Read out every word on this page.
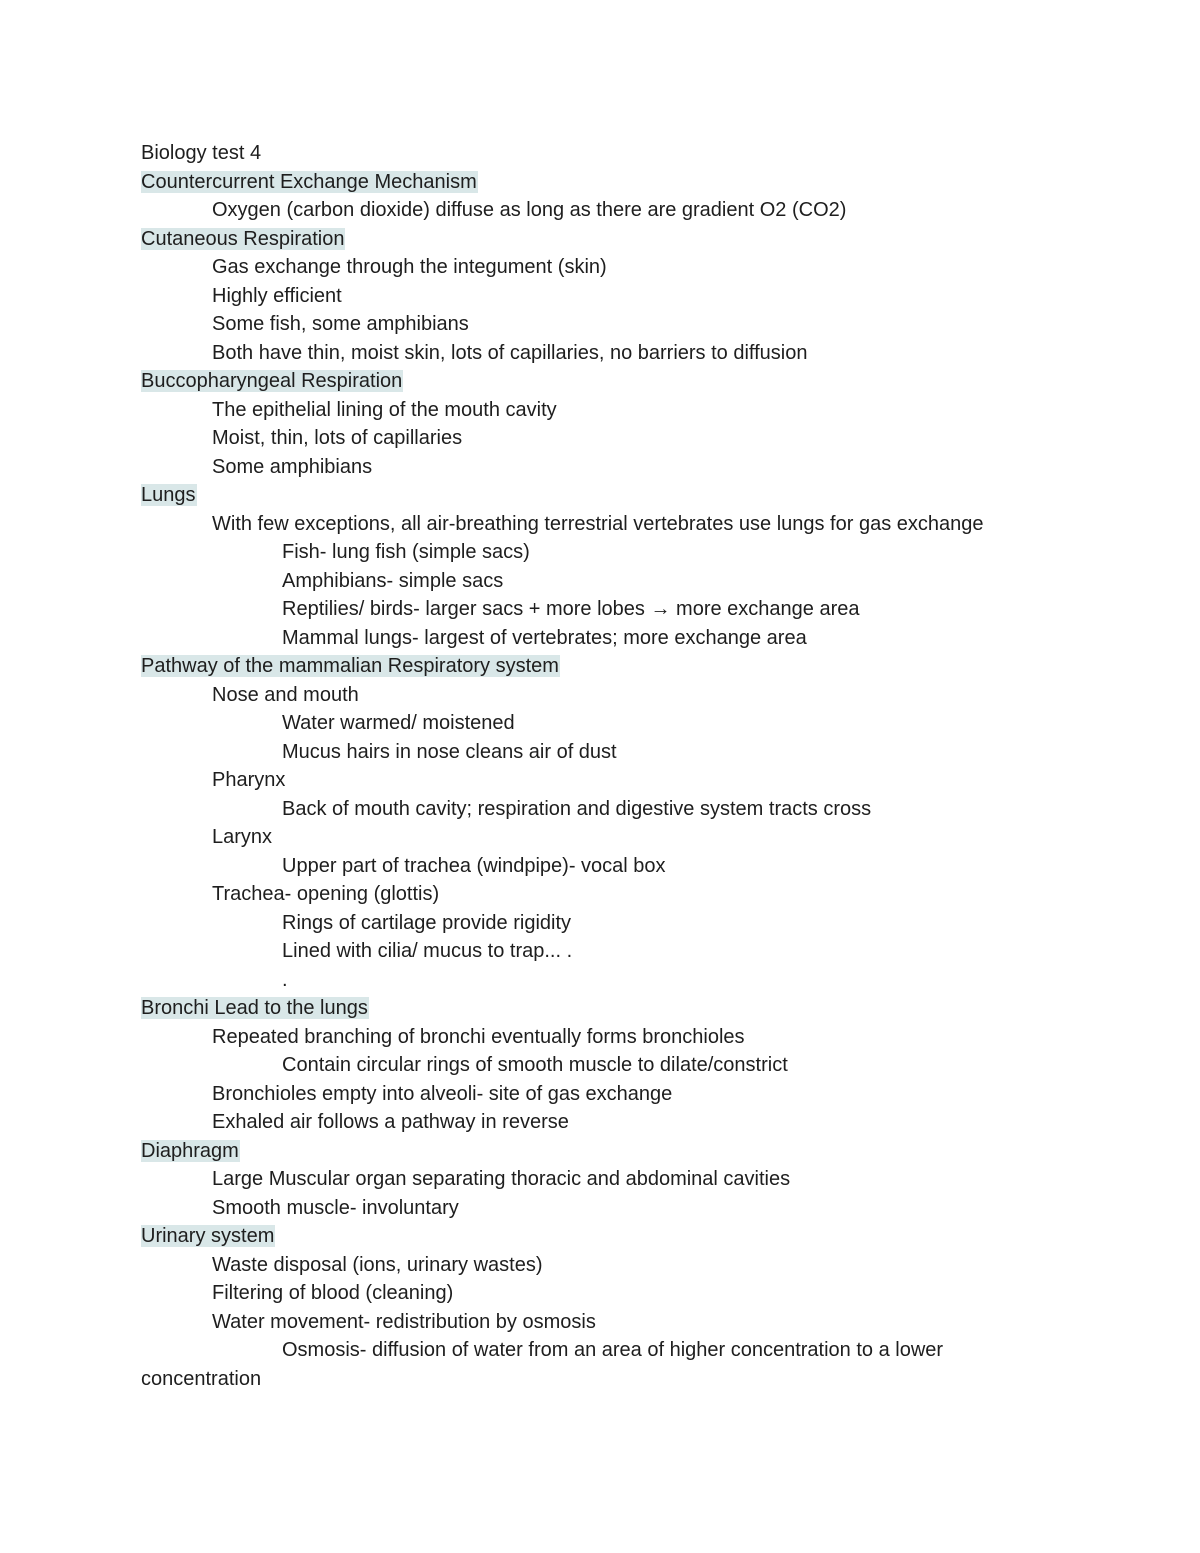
Biology test 4
Countercurrent Exchange Mechanism
Oxygen (carbon dioxide) diffuse as long as there are gradient O2 (CO2)
Cutaneous Respiration
Gas exchange through the integument (skin)
Highly efficient
Some fish, some amphibians
Both have thin, moist skin, lots of capillaries, no barriers to diffusion
Buccopharyngeal Respiration
The epithelial lining of the mouth cavity
Moist, thin, lots of capillaries
Some amphibians
Lungs
With few exceptions, all air-breathing terrestrial vertebrates use lungs for gas exchange
Fish- lung fish (simple sacs)
Amphibians- simple sacs
Reptilies/ birds- larger sacs + more lobes → more exchange area
Mammal lungs- largest of vertebrates; more exchange area
Pathway of the mammalian Respiratory system
Nose and mouth
Water warmed/ moistened
Mucus hairs in nose cleans air of dust
Pharynx
Back of mouth cavity; respiration and digestive system tracts cross
Larynx
Upper part of trachea (windpipe)- vocal box
Trachea- opening (glottis)
Rings of cartilage provide rigidity
Lined with cilia/ mucus to trap... .
.
Bronchi Lead to the lungs
Repeated branching of bronchi eventually forms bronchioles
Contain circular rings of smooth muscle to dilate/constrict
Bronchioles empty into alveoli- site of gas exchange
Exhaled air follows a pathway in reverse
Diaphragm
Large Muscular organ separating thoracic and abdominal cavities
Smooth muscle- involuntary
Urinary system
Waste disposal (ions, urinary wastes)
Filtering of blood (cleaning)
Water movement- redistribution by osmosis
Osmosis- diffusion of water from an area of higher concentration to a lower
concentration
